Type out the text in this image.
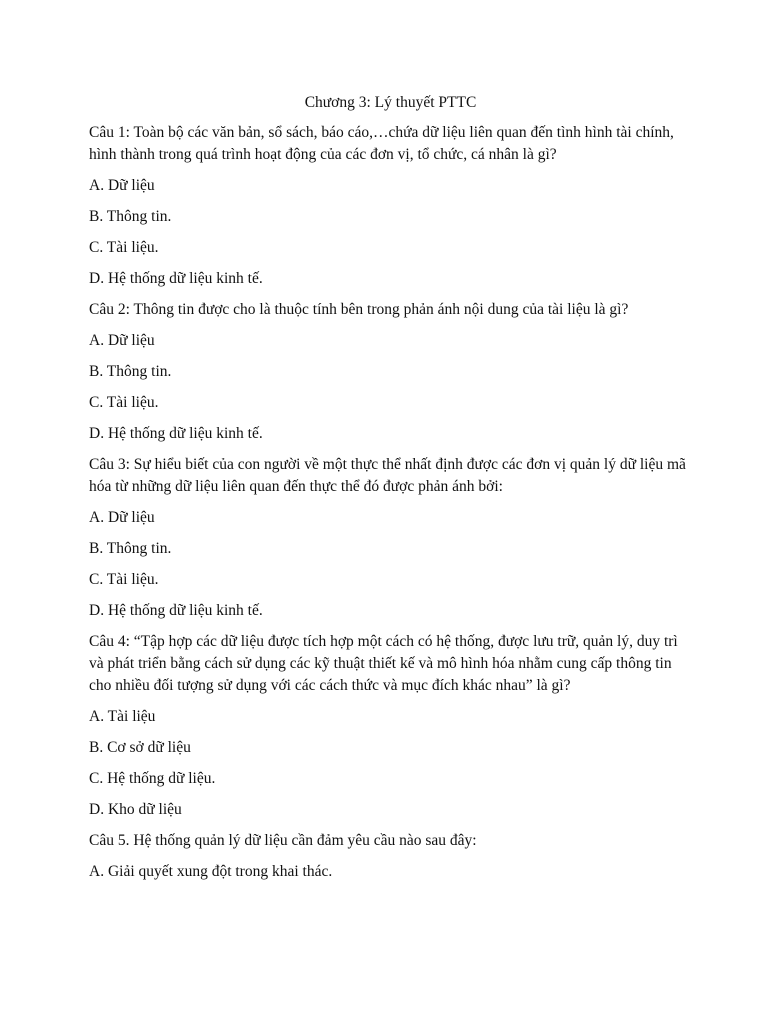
Chương 3: Lý thuyết PTTC
Câu 1: Toàn bộ các văn bản, sổ sách, báo cáo,…chứa dữ liệu liên quan đến tình hình tài chính, hình thành trong quá trình hoạt động của các đơn vị, tổ chức, cá nhân là gì?
A. Dữ liệu
B. Thông tin.
C. Tài liệu.
D. Hệ thống dữ liệu kinh tế.
Câu 2: Thông tin được cho là thuộc tính bên trong phản ánh nội dung của tài liệu là gì?
A. Dữ liệu
B. Thông tin.
C. Tài liệu.
D. Hệ thống dữ liệu kinh tế.
Câu 3: Sự hiểu biết của con người về một thực thể nhất định được các đơn vị quản lý dữ liệu mã hóa từ những dữ liệu liên quan đến thực thể đó được phản ánh bởi:
A. Dữ liệu
B. Thông tin.
C. Tài liệu.
D. Hệ thống dữ liệu kinh tế.
Câu 4: “Tập hợp các dữ liệu được tích hợp một cách có hệ thống, được lưu trữ, quản lý, duy trì và phát triển bằng cách sử dụng các kỹ thuật thiết kế và mô hình hóa nhằm cung cấp thông tin cho nhiều đối tượng sử dụng với các cách thức và mục đích khác nhau” là gì?
A. Tài liệu
B. Cơ sở dữ liệu
C. Hệ thống dữ liệu.
D. Kho dữ liệu
Câu 5. Hệ thống quản lý dữ liệu cần đảm yêu cầu nào sau đây:
A. Giải quyết xung đột trong khai thác.
